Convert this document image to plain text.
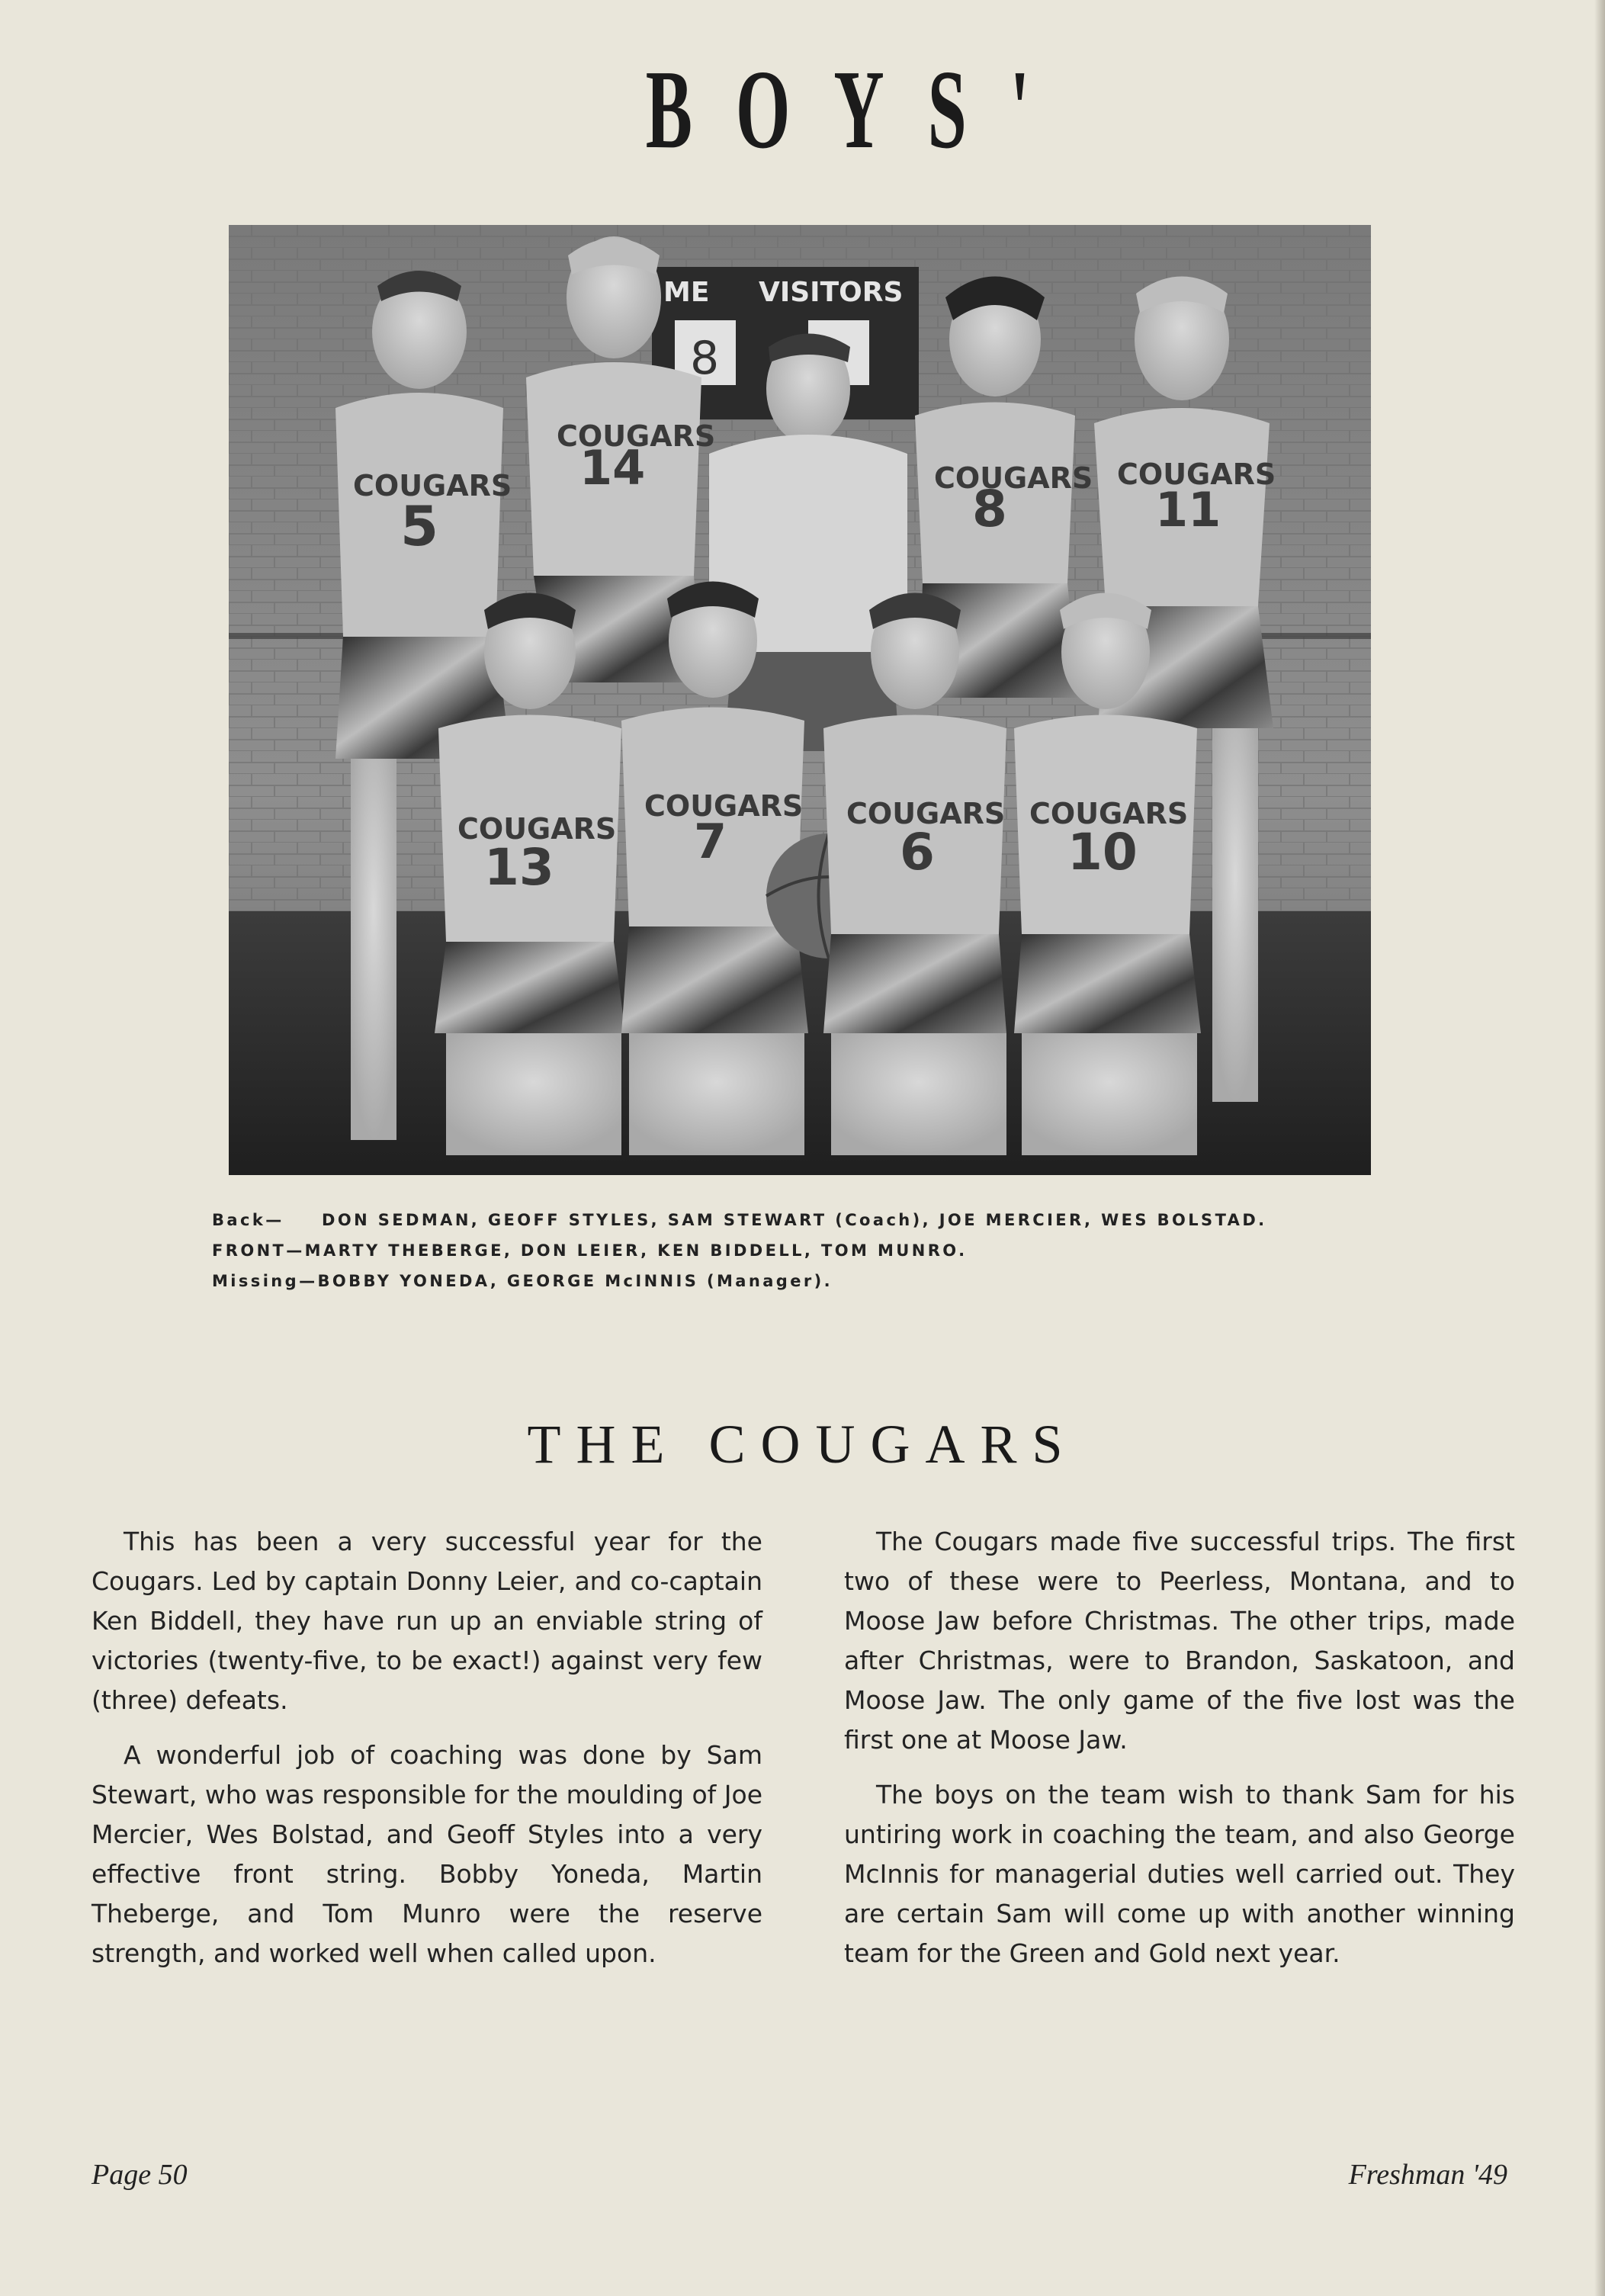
BOYS'
ME VISITORS
8
COUGARS
5
COUGARS
14	COUGARS
8
COUGARS
11
COUGARS
13
COUGARS
7	COUGARS
6
COUGARS
10
Back— DON SEDMAN, GEOFF STYLES, SAM STEWART (Coach), JOE MERCIER, WES BOLSTAD.
FRONT—MARTY THEBERGE, DON LEIER, KEN BIDDELL, TOM MUNRO.
Missing—BOBBY YONEDA, GEORGE McINNIS (Manager).
THE COUGARS

This has been a very successful year for the Cougars. Led by captain Donny Leier, and co-captain Ken Biddell, they have run up an enviable string of victories (twenty-five, to be exact!) against very few (three) defeats.

A wonderful job of coaching was done by Sam Stewart, who was responsible for the moulding of Joe Mercier, Wes Bolstad, and Geoff Styles into a very effective front string. Bobby Yoneda, Martin Theberge, and Tom Munro were the reserve strength, and worked well when called upon.

The Cougars made five successful trips. The first two of these were to Peerless, Montana, and to Moose Jaw before Christmas. The other trips, made after Christmas, were to Brandon, Saskatoon, and Moose Jaw. The only game of the five lost was the first one at Moose Jaw.

The boys on the team wish to thank Sam for his untiring work in coaching the team, and also George McInnis for managerial duties well carried out. They are certain Sam will come up with another winning team for the Green and Gold next year.

Page 50	Freshman '49
